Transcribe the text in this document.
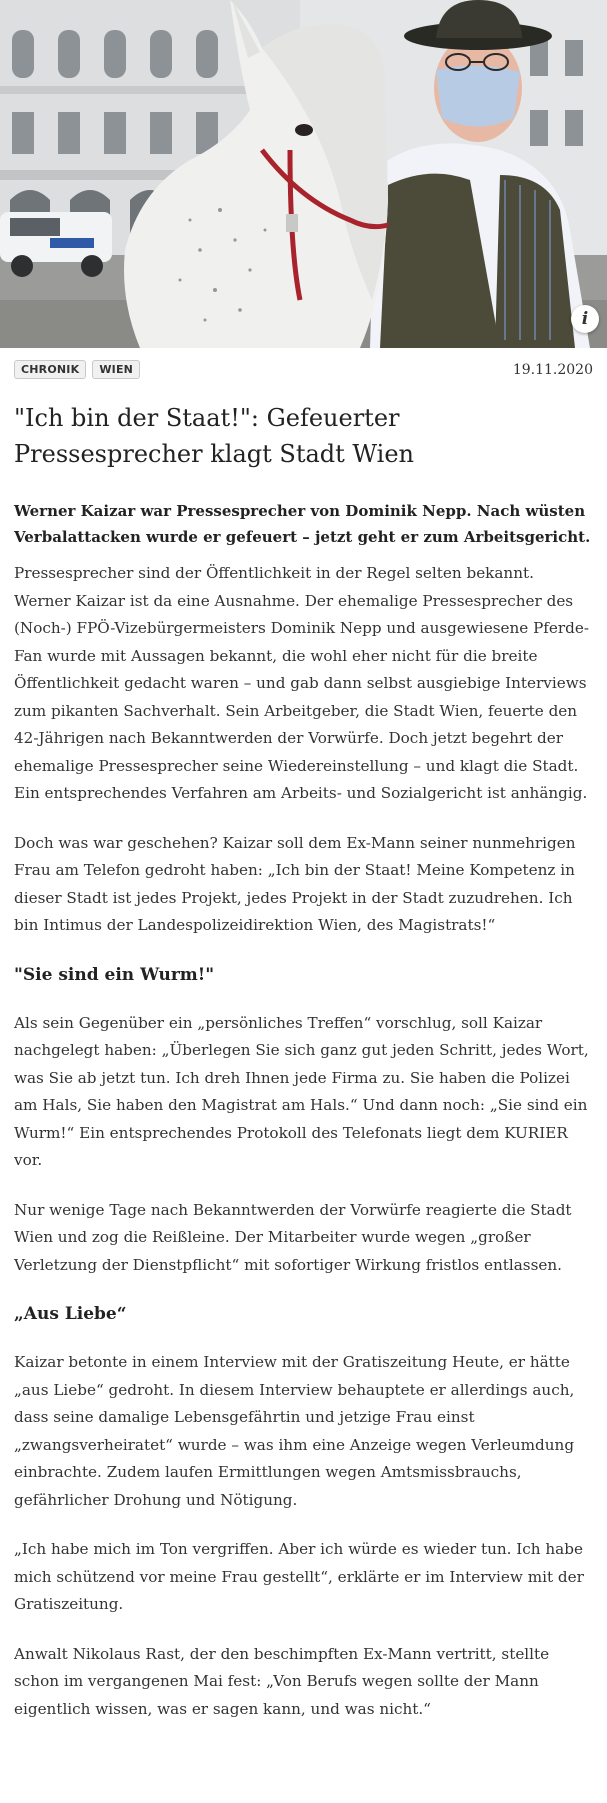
i
CHRONIK	WIEN	19.11.2020
"Ich bin der Staat!": Gefeuerter Pressesprecher klagt Stadt Wien

Werner Kaizar war Pressesprecher von Dominik Nepp. Nach wüsten Verbalattacken wurde er gefeuert – jetzt geht er zum Arbeitsgericht.

Pressesprecher sind der Öffentlichkeit in der Regel selten bekannt. Werner Kaizar ist da eine Ausnahme. Der ehemalige Pressesprecher des (Noch-) FPÖ-Vizebürgermeisters Dominik Nepp und ausgewiesene Pferde-Fan wurde mit Aussagen bekannt, die wohl eher nicht für die breite Öffentlichkeit gedacht waren – und gab dann selbst ausgiebige Interviews zum pikanten Sachverhalt. Sein Arbeitgeber, die Stadt Wien, feuerte den 42-Jährigen nach Bekanntwerden der Vorwürfe. Doch jetzt begehrt der ehemalige Pressesprecher seine Wiedereinstellung – und klagt die Stadt. Ein entsprechendes Verfahren am Arbeits- und Sozialgericht ist anhängig.

Doch was war geschehen? Kaizar soll dem Ex-Mann seiner nunmehrigen Frau am Telefon gedroht haben: „Ich bin der Staat! Meine Kompetenz in dieser Stadt ist jedes Projekt, jedes Projekt in der Stadt zuzudrehen. Ich bin Intimus der Landespolizeidirektion Wien, des Magistrats!“

"Sie sind ein Wurm!"

Als sein Gegenüber ein „persönliches Treffen“ vorschlug, soll Kaizar nachgelegt haben: „Überlegen Sie sich ganz gut jeden Schritt, jedes Wort, was Sie ab jetzt tun. Ich dreh Ihnen jede Firma zu. Sie haben die Polizei am Hals, Sie haben den Magistrat am Hals.“ Und dann noch: „Sie sind ein Wurm!“ Ein entsprechendes Protokoll des Telefonats liegt dem KURIER vor.

Nur wenige Tage nach Bekanntwerden der Vorwürfe reagierte die Stadt Wien und zog die Reißleine. Der Mitarbeiter wurde wegen „großer Verletzung der Dienstpflicht“ mit sofortiger Wirkung fristlos entlassen.

„Aus Liebe“

Kaizar betonte in einem Interview mit der Gratiszeitung Heute, er hätte „aus Liebe“ gedroht. In diesem Interview behauptete er allerdings auch, dass seine damalige Lebensgefährtin und jetzige Frau einst „zwangsverheiratet“ wurde – was ihm eine Anzeige wegen Verleumdung einbrachte. Zudem laufen Ermittlungen wegen Amtsmissbrauchs, gefährlicher Drohung und Nötigung.

„Ich habe mich im Ton vergriffen. Aber ich würde es wieder tun. Ich habe mich schützend vor meine Frau gestellt“, erklärte er im Interview mit der Gratiszeitung.

Anwalt Nikolaus Rast, der den beschimpften Ex-Mann vertritt, stellte schon im vergangenen Mai fest: „Von Berufs wegen sollte der Mann eigentlich wissen, was er sagen kann, und was nicht.“
